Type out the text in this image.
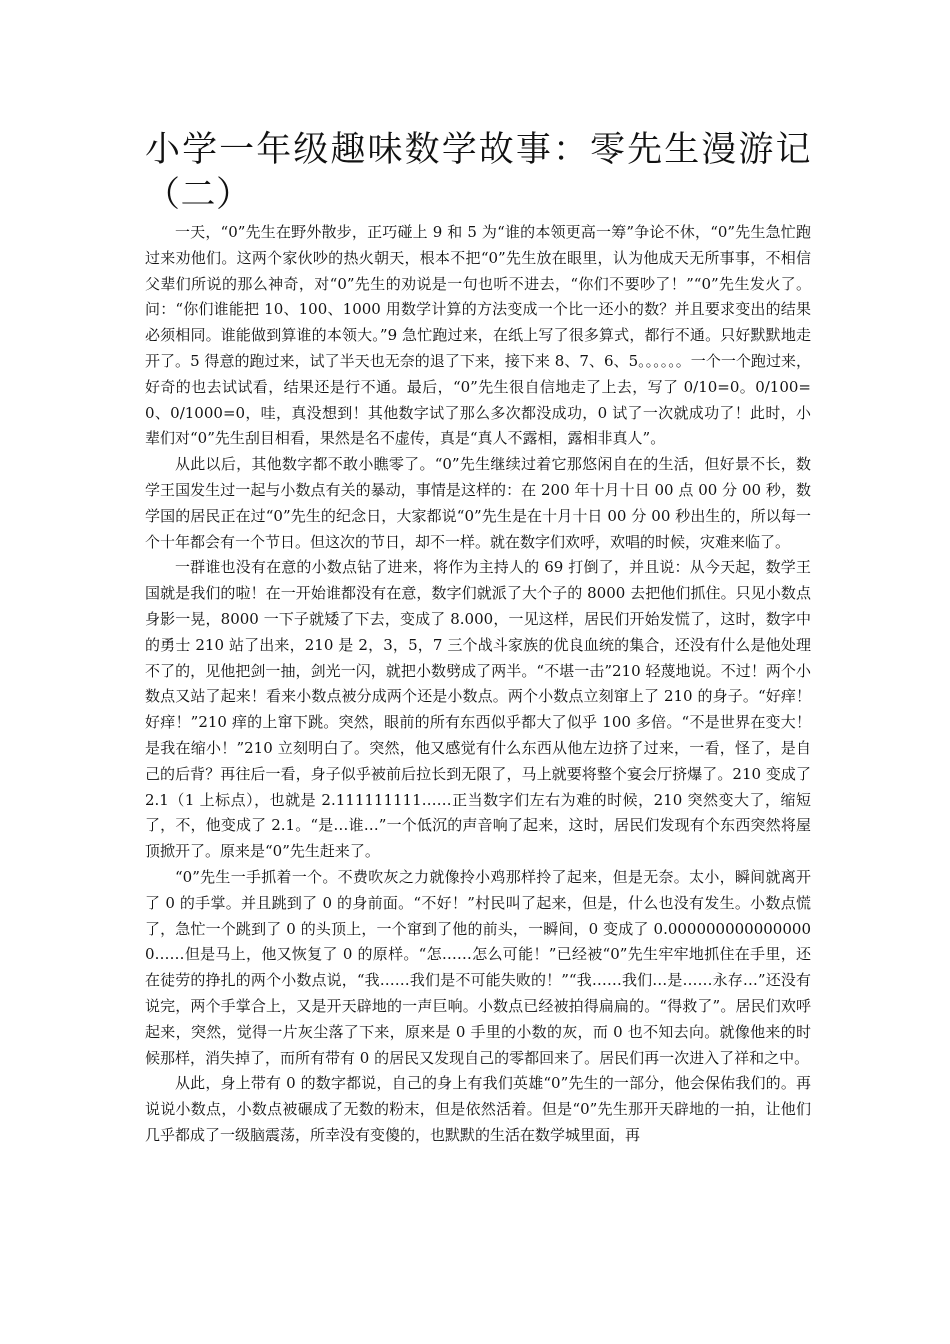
小学一年级趣味数学故事：零先生漫游记（二）

一天，“0”先生在野外散步，正巧碰上 9 和 5 为“谁的本领更高一筹”争论不休，“0”先生急忙跑过来劝他们。这两个家伙吵的热火朝天，根本不把“0”先生放在眼里，认为他成天无所事事，不相信父辈们所说的那么神奇，对“0”先生的劝说是一句也听不进去，“你们不要吵了！”“0”先生发火了。问：“你们谁能把 10、100、1000 用数学计算的方法变成一个比一还小的数？并且要求变出的结果必须相同。谁能做到算谁的本领大。”9 急忙跑过来，在纸上写了很多算式，都行不通。只好默默地走开了。5 得意的跑过来，试了半天也无奈的退了下来，接下来 8、7、6、5。。。。。。一个一个跑过来，好奇的也去试试看，结果还是行不通。最后，“0”先生很自信地走了上去，写了 0/10=0。0/100=0、0/1000=0，哇，真没想到！其他数字试了那么多次都没成功，0 试了一次就成功了！此时，小辈们对“0”先生刮目相看，果然是名不虚传，真是“真人不露相，露相非真人”。

从此以后，其他数字都不敢小瞧零了。“0”先生继续过着它那悠闲自在的生活，但好景不长，数学王国发生过一起与小数点有关的暴动，事情是这样的：在 200 年十月十日 00 点 00 分 00 秒，数学国的居民正在过“0”先生的纪念日，大家都说“0”先生是在十月十日 00 分 00 秒出生的，所以每一个十年都会有一个节日。但这次的节日，却不一样。就在数字们欢呼，欢唱的时候，灾难来临了。

一群谁也没有在意的小数点钻了进来，将作为主持人的 69 打倒了，并且说：从今天起，数学王国就是我们的啦！在一开始谁都没有在意，数字们就派了大个子的 8000 去把他们抓住。只见小数点身影一晃，8000 一下子就矮了下去，变成了 8.000，一见这样，居民们开始发慌了，这时，数字中的勇士 210 站了出来，210 是 2，3，5，7 三个战斗家族的优良血统的集合，还没有什么是他处理不了的，见他把剑一抽，剑光一闪，就把小数劈成了两半。“不堪一击”210 轻蔑地说。不过！两个小数点又站了起来！看来小数点被分成两个还是小数点。两个小数点立刻窜上了 210 的身子。“好痒！好痒！”210 痒的上窜下跳。突然，眼前的所有东西似乎都大了似乎 100 多倍。“不是世界在变大！是我在缩小！”210 立刻明白了。突然，他又感觉有什么东西从他左边挤了过来，一看，怪了，是自己的后背？再往后一看，身子似乎被前后拉长到无限了，马上就要将整个宴会厅挤爆了。210 变成了 2.1（1 上标点），也就是 2.111111111……正当数字们左右为难的时候，210 突然变大了，缩短了，不，他变成了 2.1。“是…谁…”一个低沉的声音响了起来，这时，居民们发现有个东西突然将屋顶掀开了。原来是“0”先生赶来了。

“0”先生一手抓着一个。不费吹灰之力就像拎小鸡那样拎了起来，但是无奈。太小，瞬间就离开了 0 的手掌。并且跳到了 0 的身前面。“不好！”村民叫了起来，但是，什么也没有发生。小数点慌了，急忙一个跳到了 0 的头顶上，一个窜到了他的前头，一瞬间，0 变成了 0.0000000000000000……但是马上，他又恢复了 0 的原样。“怎……怎么可能！”已经被“0”先生牢牢地抓住在手里，还在徒劳的挣扎的两个小数点说，“我……我们是不可能失败的！”“我……我们…是……永存…”还没有说完，两个手掌合上，又是开天辟地的一声巨响。小数点已经被拍得扁扁的。“得救了”。居民们欢呼起来，突然，觉得一片灰尘落了下来，原来是 0 手里的小数的灰，而 0 也不知去向。就像他来的时候那样，消失掉了，而所有带有 0 的居民又发现自己的零都回来了。居民们再一次进入了祥和之中。

从此，身上带有 0 的数字都说，自己的身上有我们英雄“0”先生的一部分，他会保佑我们的。再说说小数点，小数点被碾成了无数的粉末，但是依然活着。但是“0”先生那开天辟地的一拍，让他们几乎都成了一级脑震荡，所幸没有变傻的，也默默的生活在数学城里面，再
